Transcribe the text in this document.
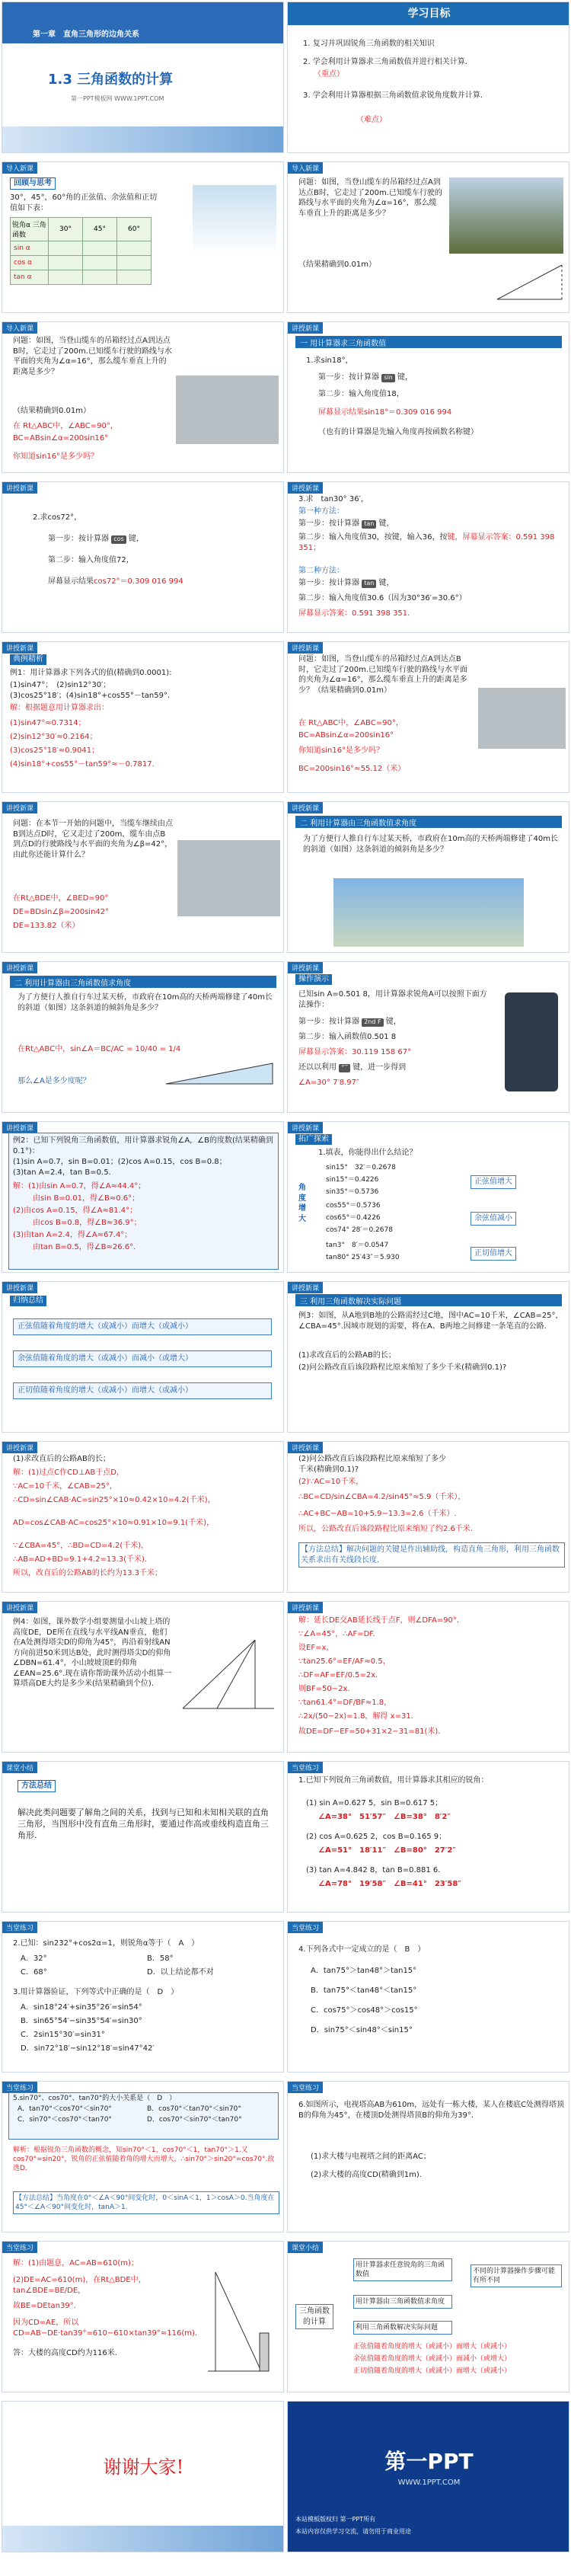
第一章　直角三角形的边角关系
1.3 三角函数的计算
第一PPT模板网 WWW.1PPT.COM
学习目标
1. 复习并巩固锐角三角函数的相关知识
2. 学会利用计算器求三角函数值并进行相关计算.
（重点）
3. 学会利用计算器根据三角函数值求锐角度数并计算.
（难点）
导入新课
回顾与思考
30°，45°，60°角的正弦值、余弦值和正切值如下表：
锐角α 三角函数	30°	45°	60°
sin α			
cos α			
tan α			
导入新课
问题：如图，当登山缆车的吊箱经过点A到达点B时，它走过了200m.已知缆车行驶的路线与水平面的夹角为∠α=16°，那么缆车垂直上升的距离是多少？
（结果精确到0.01m）
导入新课
问题：如图，当登山缆车的吊箱经过点A到达点B时，它走过了200m.已知缆车行驶的路线与水平面的夹角为∠α=16°，那么缆车垂直上升的距离是多少？
（结果精确到0.01m）
在 Rt△ABC中，∠ABC=90°，
BC=ABsin∠α=200sin16°
你知道sin16°是多少吗？
讲授新课
一 用计算器求三角函数值
1.求sin18°，
第一步：按计算器 sin 键，
第二步：输入角度值18，
屏幕显示结果sin18°＝0.309 016 994
（也有的计算器是先输入角度再按函数名称键）
讲授新课
2.求cos72°，
第一步：按计算器 cos 键，
第二步：输入角度值72，
屏幕显示结果cos72°＝0.309 016 994
讲授新课
3.求　tan30° 36′，
第一种方法：
第一步：按计算器 tan 键，
第二步：输入角度值30，按键，输入36，按键，屏幕显示答案：0.591 398 351；
第二种方法：
第一步：按计算器 tan 键，
第二步：输入角度值30.6（因为30°36′=30.6°）
屏幕显示答案：0.591 398 351.
讲授新课
典例精析
例1：用计算器求下列各式的值(精确到0.0001):
(1)sin47°；　(2)sin12°30′；
(3)cos25°18′；(4)sin18°+cos55°－tan59°.
解：根据题意用计算器求出：
(1)sin47°≈0.7314；
(2)sin12°30′≈0.2164；
(3)cos25°18′≈0.9041；
(4)sin18°+cos55°－tan59°≈－0.7817.
讲授新课
问题：如图，当登山缆车的吊箱经过点A到达点B时，它走过了200m.已知缆车行驶的路线与水平面的夹角为∠α=16°，那么缆车垂直上升的距离是多少？（结果精确到0.01m）
在 Rt△ABC中，∠ABC=90°，
BC=ABsin∠α=200sin16°
你知道sin16°是多少吗？
BC=200sin16°≈55.12（米）
讲授新课
问题：在本节一开始的问题中，当缆车继续由点B到达点D时，它又走过了200m，缆车由点B到点D的行驶路线与水平面的夹角为∠β=42°，由此你还能计算什么？
在Rt△BDE中，∠BED=90°
DE=BDsin∠β=200sin42°
DE=133.82（米）
讲授新课
二 利用计算器由三角函数值求角度
为了方便行人推自行车过某天桥，市政府在10m高的天桥两端修建了40m长的斜道（如图）这条斜道的倾斜角是多少？
讲授新课
二 利用计算器由三角函数值求角度
为了方便行人推自行车过某天桥，市政府在10m高的天桥两端修建了40m长的斜道（如图）这条斜道的倾斜角是多少？
在Rt△ABC中，sin∠A＝BC/AC = 10/40 = 1/4
那么∠A是多少度呢？
讲授新课
操作演示
已知sin A=0.501 8，用计算器求锐角A可以按照下面方法操作：
第一步：按计算器 2nd F 键，
第二步：输入函数值0.501 8
屏幕显示答案：30.119 158 67°
还以以利用 °′″ 键，进一步得到
∠A=30° 7′8.97″
讲授新课
例2：已知下列锐角三角函数值，用计算器求锐角∠A，∠B的度数(结果精确到0.1°)：
(1)sin A=0.7，sin B=0.01；(2)cos A=0.15，cos B=0.8；
(3)tan A=2.4，tan B=0.5.
解：(1)由sin A=0.7，得∠A≈44.4°；
由sin B=0.01，得∠B≈0.6°；
(2)由cos A=0.15，得∠A≈81.4°；
由cos B=0.8，得∠B≈36.9°；
(3)由tan A=2.4，得∠A≈67.4°；
由tan B=0.5，得∠B≈26.6°.
讲授新课
拓广探索
1.填表，你能得出什么结论？
角度增大
sin15°　32′＝0.2678
sin15°＝0.4226
sin35°＝0.5736
cos55°＝0.5736
cos65°＝0.4226
cos74° 28′＝0.2678
tan3°　8′＝0.0547
tan80° 25′43″＝5.930
正弦值增大
余弦值减小
正切值增大
讲授新课
归纳总结
正弦值随着角度的增大（或减小）而增大（或减小）
余弦值随着角度的增大（或减小）而减小（或增大）
正切值随着角度的增大（或减小）而增大（或减小）
讲授新课
三 利用三角函数解决实际问题
例3：如图，从A地到B地的公路需经过C地，图中AC=10千米，∠CAB=25°，∠CBA=45°.因城市规划的需要，将在A、B两地之间修建一条笔直的公路.
(1)求改直后的公路AB的长；
(2)问公路改直后该段路程比原来缩短了多少千米(精确到0.1)?
讲授新课
(1)求改直后的公路AB的长；
解：(1)过点C作CD⊥AB于点D，
∵AC=10千米，∠CAB=25°，
∴CD=sin∠CAB·AC=sin25°×10≈0.42×10=4.2(千米)，
AD=cos∠CAB·AC=cos25°×10≈0.91×10=9.1(千米)，
∵∠CBA=45°，∴BD=CD=4.2(千米)，
∴AB=AD+BD=9.1+4.2=13.3(千米).
所以，改直后的公路AB的长约为13.3千米；
讲授新课
(2)问公路改直后该段路程比原来缩短了多少千米(精确到0.1)?
(2)∵AC=10千米，
∴BC=CD/sin∠CBA=4.2/sin45°≈5.9（千米），
∴AC+BC−AB=10+5.9−13.3=2.6（千米）.
所以，公路改直后该段路程比原来缩短了约2.6千米.
【方法总结】解决问题的关键是作出辅助线，构造直角三角形，利用三角函数关系求出有关线段长度.
讲授新课
例4：如图，课外数学小组要测量小山坡上塔的高度DE，DE所在直线与水平线AN垂直，他们在A处测得塔尖D的仰角为45°，再沿着射线AN方向前进50米到达B处，此时测得塔尖D的仰角∠DBN=61.4°，小山坡坡顶E的仰角∠EAN=25.6°.现在请你帮助课外活动小组算一算塔高DE大约是多少米(结果精确到个位).
讲授新课
解：延长DE交AB延长线于点F，则∠DFA=90°.
∵∠A=45°，∴AF=DF.
设EF=x，
∵tan25.6°=EF/AF≈0.5，
∴DF=AF=EF/0.5=2x.
则BF=50−2x.
∵tan61.4°=DF/BF≈1.8，
∴2x/(50−2x)=1.8，解得 x=31.
故DE=DF−EF=50+31×2−31=81(米).
课堂小结
方法总结
解决此类问题要了解角之间的关系，找到与已知和未知相关联的直角三角形，当图形中没有直角三角形时，要通过作高或垂线构造直角三角形.
当堂练习
1.已知下列锐角三角函数值，用计算器求其相应的锐角：
(1) sin A=0.627 5，sin B=0.617 5；
∠A=38°　51′57″　∠B=38°　8′2″
(2) cos A=0.625 2，cos B=0.165 9；
∠A=51°　18′11″　∠B=80°　27′2″
(3) tan A=4.842 8，tan B=0.881 6.
∠A=78°　19′58″　∠B=41°　23′58″
当堂练习
2.已知：sin232°+cos2α=1，则锐角α等于（　A　）
A．32°	B．58°
C．68°	D．以上结论都不对
3.用计算器验证，下列等式中正确的是（　D　）
A．sin18°24′+sin35°26′=sin54°
B．sin65°54′−sin35°54′=sin30°
C．2sin15°30′=sin31°
D．sin72°18′−sin12°18′=sin47°42′
当堂练习
4.下列各式中一定成立的是（　B　）
A．tan75°＞tan48°＞tan15°
B．tan75°＜tan48°＜tan15°
C．cos75°＞cos48°＞cos15°
D．sin75°＜sin48°＜sin15°
当堂练习
5.sin70°、cos70°、tan70°的大小关系是（　D　）
A．tan70°＜cos70°＜sin70°	B．cos70°＜tan70°＜sin70°
C．sin70°＜cos70°＜tan70°	D．cos70°＜sin70°＜tan70°
解析：根据锐角三角函数的概念，知sin70°＜1，cos70°＜1，tan70°＞1.又cos70°=sin20°，锐角的正弦值随着角的增大而增大，∴sin70°＞sin20°=cos70°.故选D.
【方法总结】当角度在0°＜∠A＜90°间变化时，0＜sinA＜1，1＞cosA＞0.当角度在45°＜∠A＜90°间变化时，tanA＞1.
当堂练习
6.如图所示，电视塔高AB为610m，远处有一栋大楼，某人在楼底C处测得塔顶B的仰角为45°，在楼顶D处测得塔顶B的仰角为39°.
(1)求大楼与电视塔之间的距离AC；
(2)求大楼的高度CD(精确到1m).
当堂练习
解：(1)由题意，AC=AB=610(m)；
(2)DE=AC=610(m)，在Rt△BDE中，tan∠BDE=BE/DE，
故BE=DEtan39°.
因为CD=AE，所以CD=AB−DE·tan39°=610−610×tan39°≈116(m).
答：大楼的高度CD约为116米.
课堂小结
三角函数的计算
用计算器求任意锐角的三角函数值
用计算器由三角函数值求角度
不同的计算器操作步骤可能有所不同
利用三角函数解决实际问题
正弦值随着角度的增大（或减小）而增大（或减小）
余弦值随着角度的增大（或减小）而减小（或增大）
正切值随着角度的增大（或减小）而增大（或减小）
谢谢大家!	第一PPT
WWW.1PPT.COM
本站模板版权归 第一PPT所有
本站内容仅供学习交流，请勿用于商业用途
